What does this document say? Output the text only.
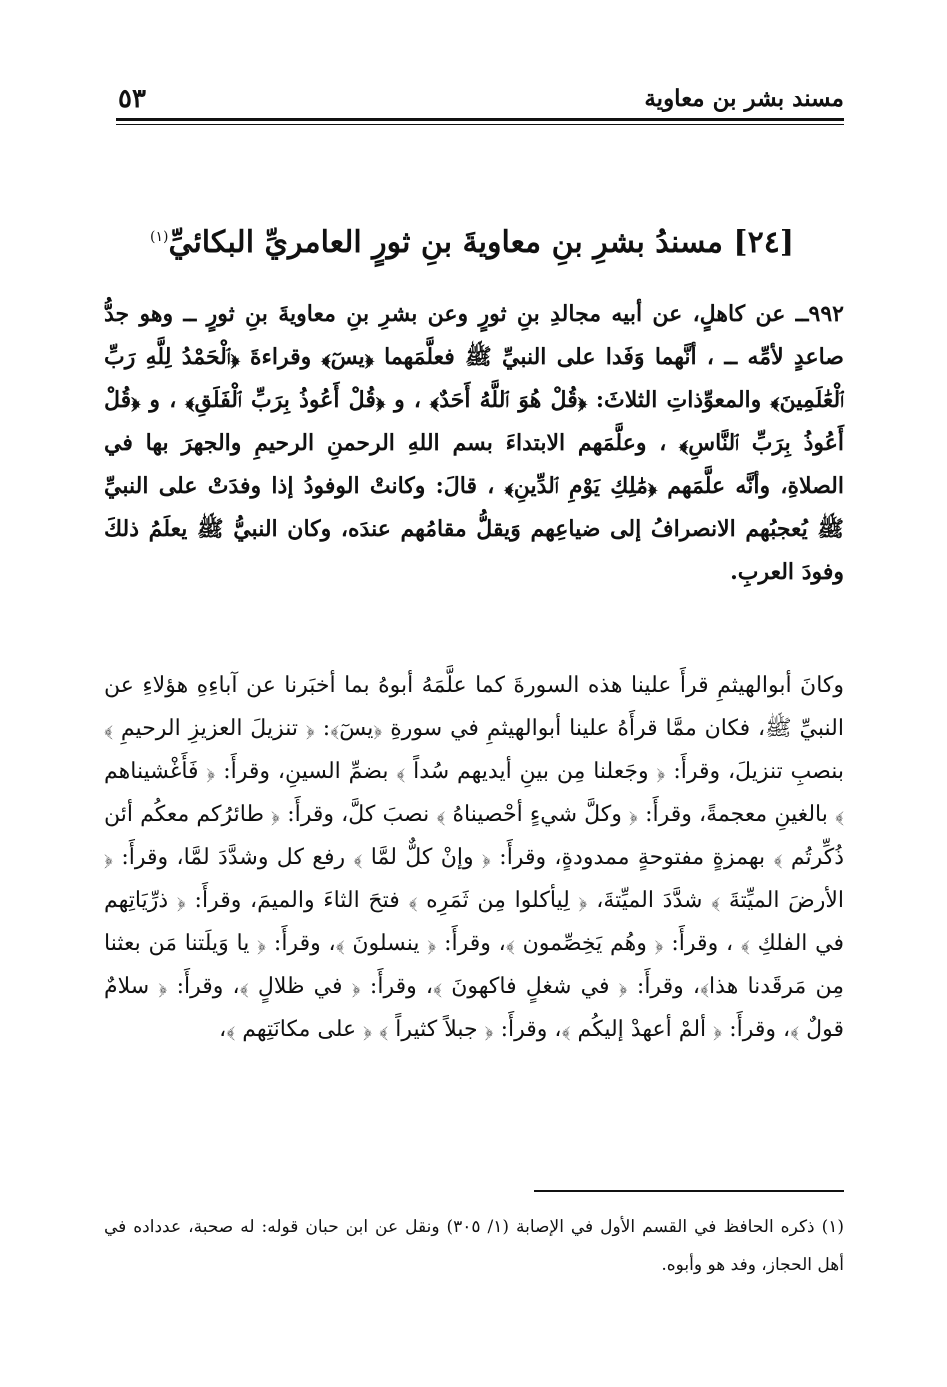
٥٣	مسند بشر بن معاوية
[٢٤] مسندُ بشرِ بنِ معاويةَ بنِ ثورٍ العامريِّ البكائيِّ$^{(١)}$

٩٩٢ــ عن كاهلٍ، عن أبيه مجالدِ بنِ ثورٍ وعن بشرِ بنِ معاويةَ بنِ ثورٍ ــ وهو جدُّ صاعدٍ لأمِّه ــ ، أنَّهما وَفَدا على النبيِّ ﷺ فعلَّمَهما ﴿يسٓ﴾ وقراءةَ ﴿ٱلْحَمْدُ لِلَّهِ رَبِّ ٱلْعَٰلَمِينَ﴾ والمعوِّذاتِ الثلاثَ: ﴿قُلْ هُوَ ٱللَّهُ أَحَدٌ﴾ ، و ﴿قُلْ أَعُوذُ بِرَبِّ ٱلْفَلَقِ﴾ ، و ﴿قُلْ أَعُوذُ بِرَبِّ ٱلنَّاسِ﴾ ، وعلَّمَهم الابتداءَ بسم اللهِ الرحمنِ الرحيمِ والجهرَ بها في الصلاةِ، وأنَّه علَّمَهم ﴿مَٰلِكِ يَوْمِ ٱلدِّينِ﴾ ، قالَ: وكانتْ الوفودُ إذا وفدَتْ على النبيِّ ﷺ يُعجبُهم الانصرافُ إلى ضياعِهم وَيقلُّ مقامُهم عندَه، وكان النبيُّ ﷺ يعلَمُ ذلكَ وفودَ العربِ.

وكانَ أبوالهيثمِ قرأَ علينا هذه السورةَ كما علَّمَهُ أبوهُ بما أخبَرنا عن آباءِهِ هؤلاءِ عن النبيِّ ﷺ، فكان ممَّا قرأَهُ علينا أبوالهيثمِ في سورةِ ﴿يسٓ﴾: ﴿ تنزيلَ العزيزِ الرحيمِ ﴾ بنصبِ تنزيلَ، وقرأَ: ﴿ وجَعلنا مِن بينِ أيديهم سُداً ﴾ بضمِّ السينِ، وقرأَ: ﴿ فَأَغْشيناهم ﴾ بالغينِ معجمةً، وقرأَ: ﴿ وكلَّ شيءٍ أحْصيناهُ ﴾ نصبَ كلَّ، وقرأَ: ﴿ طائرُكم معكُم أئن ذُكِّرتُم ﴾ بهمزةٍ مفتوحةٍ ممدودةٍ، وقرأَ: ﴿ وإنْ كلٌّ لمَّا ﴾ رفع كل وشدَّدَ لمَّا، وقرأَ: ﴿ الأرضَ الميِّتةَ ﴾ شدَّدَ الميِّتةَ، ﴿ لِيأكلوا مِن ثَمَرِه ﴾ فتحَ الثاءَ والميمَ، وقرأَ: ﴿ ذرِّيَاتِهم في الفلكِ ﴾ ، وقرأَ: ﴿ وهُم يَخِصِّمون ﴾، وقرأَ: ﴿ ينسلونَ ﴾، وقرأَ: ﴿ يا وَيلَتنا مَن بعثنا مِن مَرقَدنا هذا﴾، وقرأَ: ﴿ في شغلٍ فاكهونَ ﴾، وقرأَ: ﴿ في ظلالٍ ﴾، وقرأَ: ﴿ سلامٌ قولٌ ﴾، وقرأَ: ﴿ ألمْ أعهدْ إليكُم ﴾، وقرأَ: ﴿ جبلاً كثيراً ﴾ ﴿ على مكانَتِهم ﴾،

(١) ذكره الحافظ في القسم الأول في الإصابة (١/ ٣٠٥) ونقل عن ابن حبان قوله: له صحبة، عدداده في أهل الحجاز، وفد هو وأبوه.
